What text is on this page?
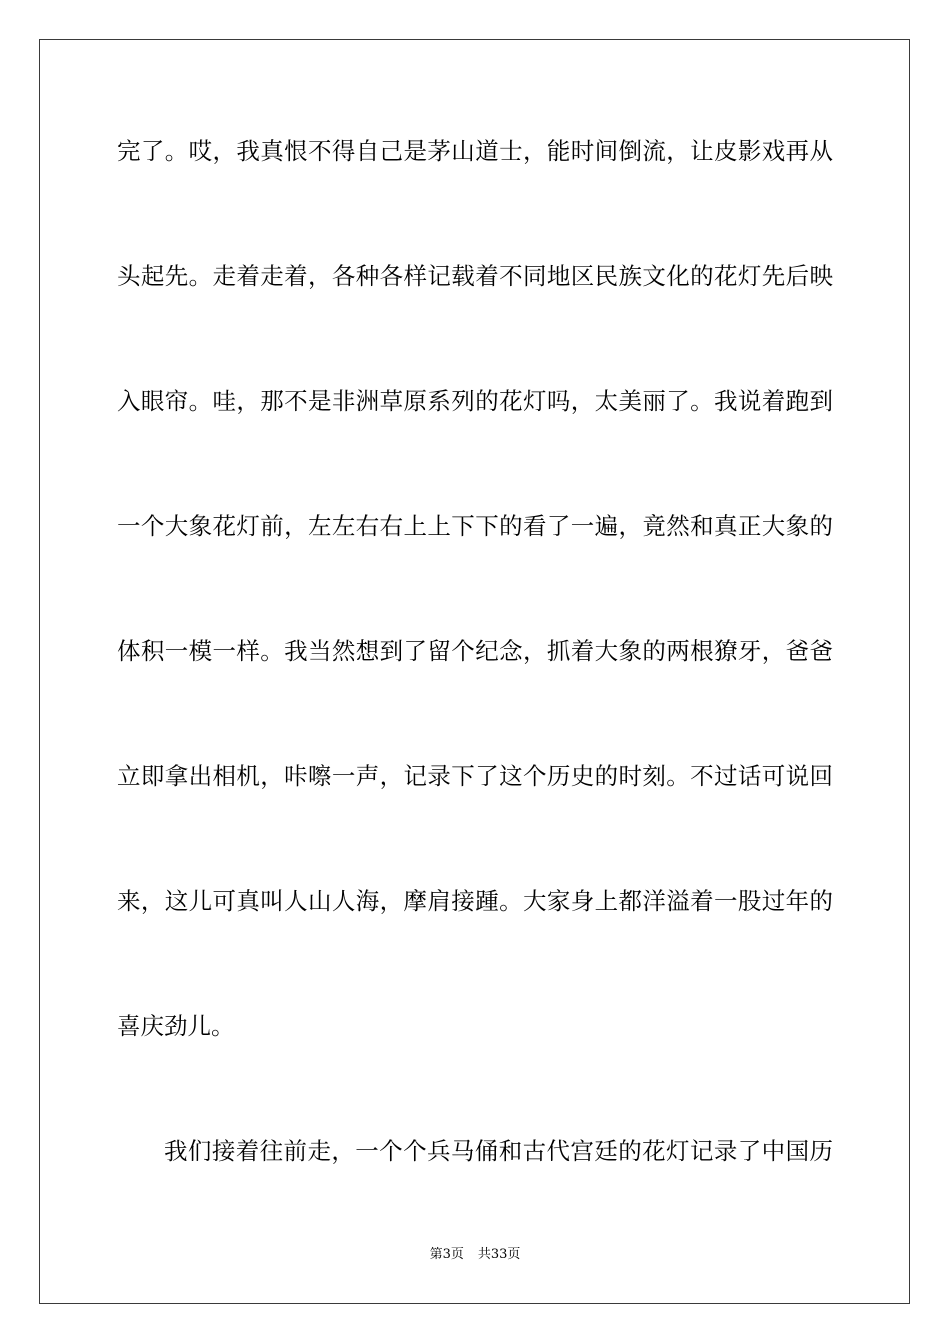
完了。哎，我真恨不得自己是茅山道士，能时间倒流，让皮影戏再从
头起先。走着走着，各种各样记载着不同地区民族文化的花灯先后映
入眼帘。哇，那不是非洲草原系列的花灯吗，太美丽了。我说着跑到
一个大象花灯前，左左右右上上下下的看了一遍，竟然和真正大象的
体积一模一样。我当然想到了留个纪念，抓着大象的两根獠牙，爸爸
立即拿出相机，咔嚓一声，记录下了这个历史的时刻。不过话可说回
来，这儿可真叫人山人海，摩肩接踵。大家身上都洋溢着一股过年的
喜庆劲儿。
我们接着往前走，一个个兵马俑和古代宫廷的花灯记录了中国历
第3页 共33页
